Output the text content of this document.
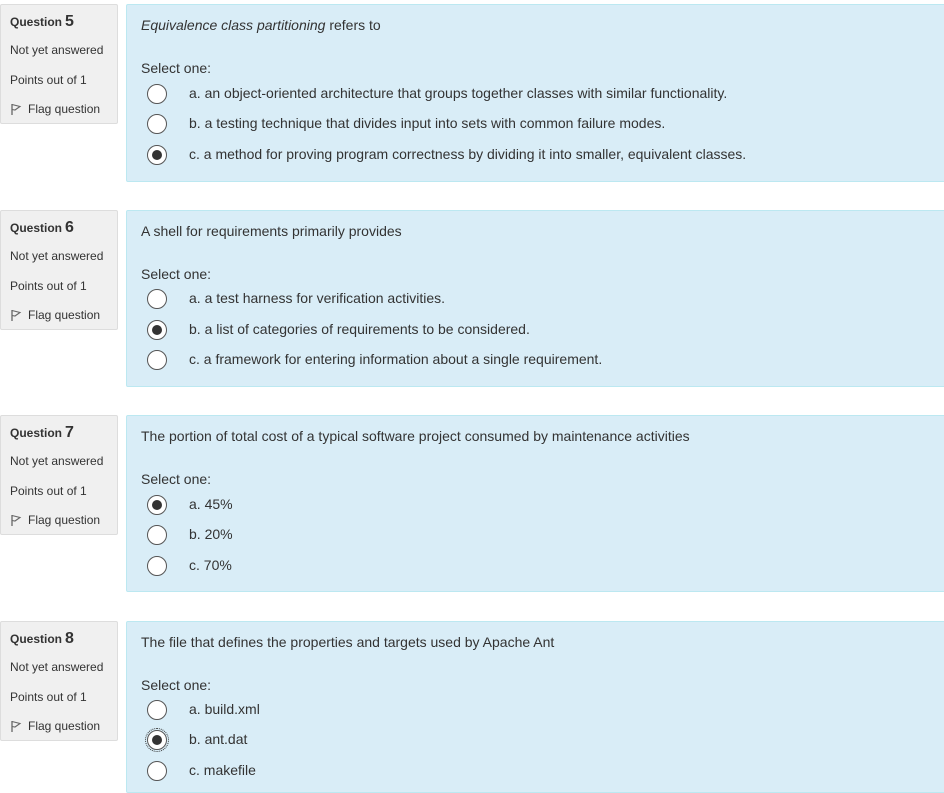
Question 5
Not yet answered
Points out of 1
Flag question
Equivalence class partitioning refers to
Select one:
a. an object-oriented architecture that groups together classes with similar functionality.
b. a testing technique that divides input into sets with common failure modes.
c. a method for proving program correctness by dividing it into smaller, equivalent classes.
Question 6
Not yet answered
Points out of 1
Flag question
A shell for requirements primarily provides
Select one:
a. a test harness for verification activities.
b. a list of categories of requirements to be considered.
c. a framework for entering information about a single requirement.
Question 7
Not yet answered
Points out of 1
Flag question
The portion of total cost of a typical software project consumed by maintenance activities
Select one:
a. 45%
b. 20%
c. 70%
Question 8
Not yet answered
Points out of 1
Flag question
The file that defines the properties and targets used by Apache Ant
Select one:
a. build.xml
b. ant.dat
c. makefile
